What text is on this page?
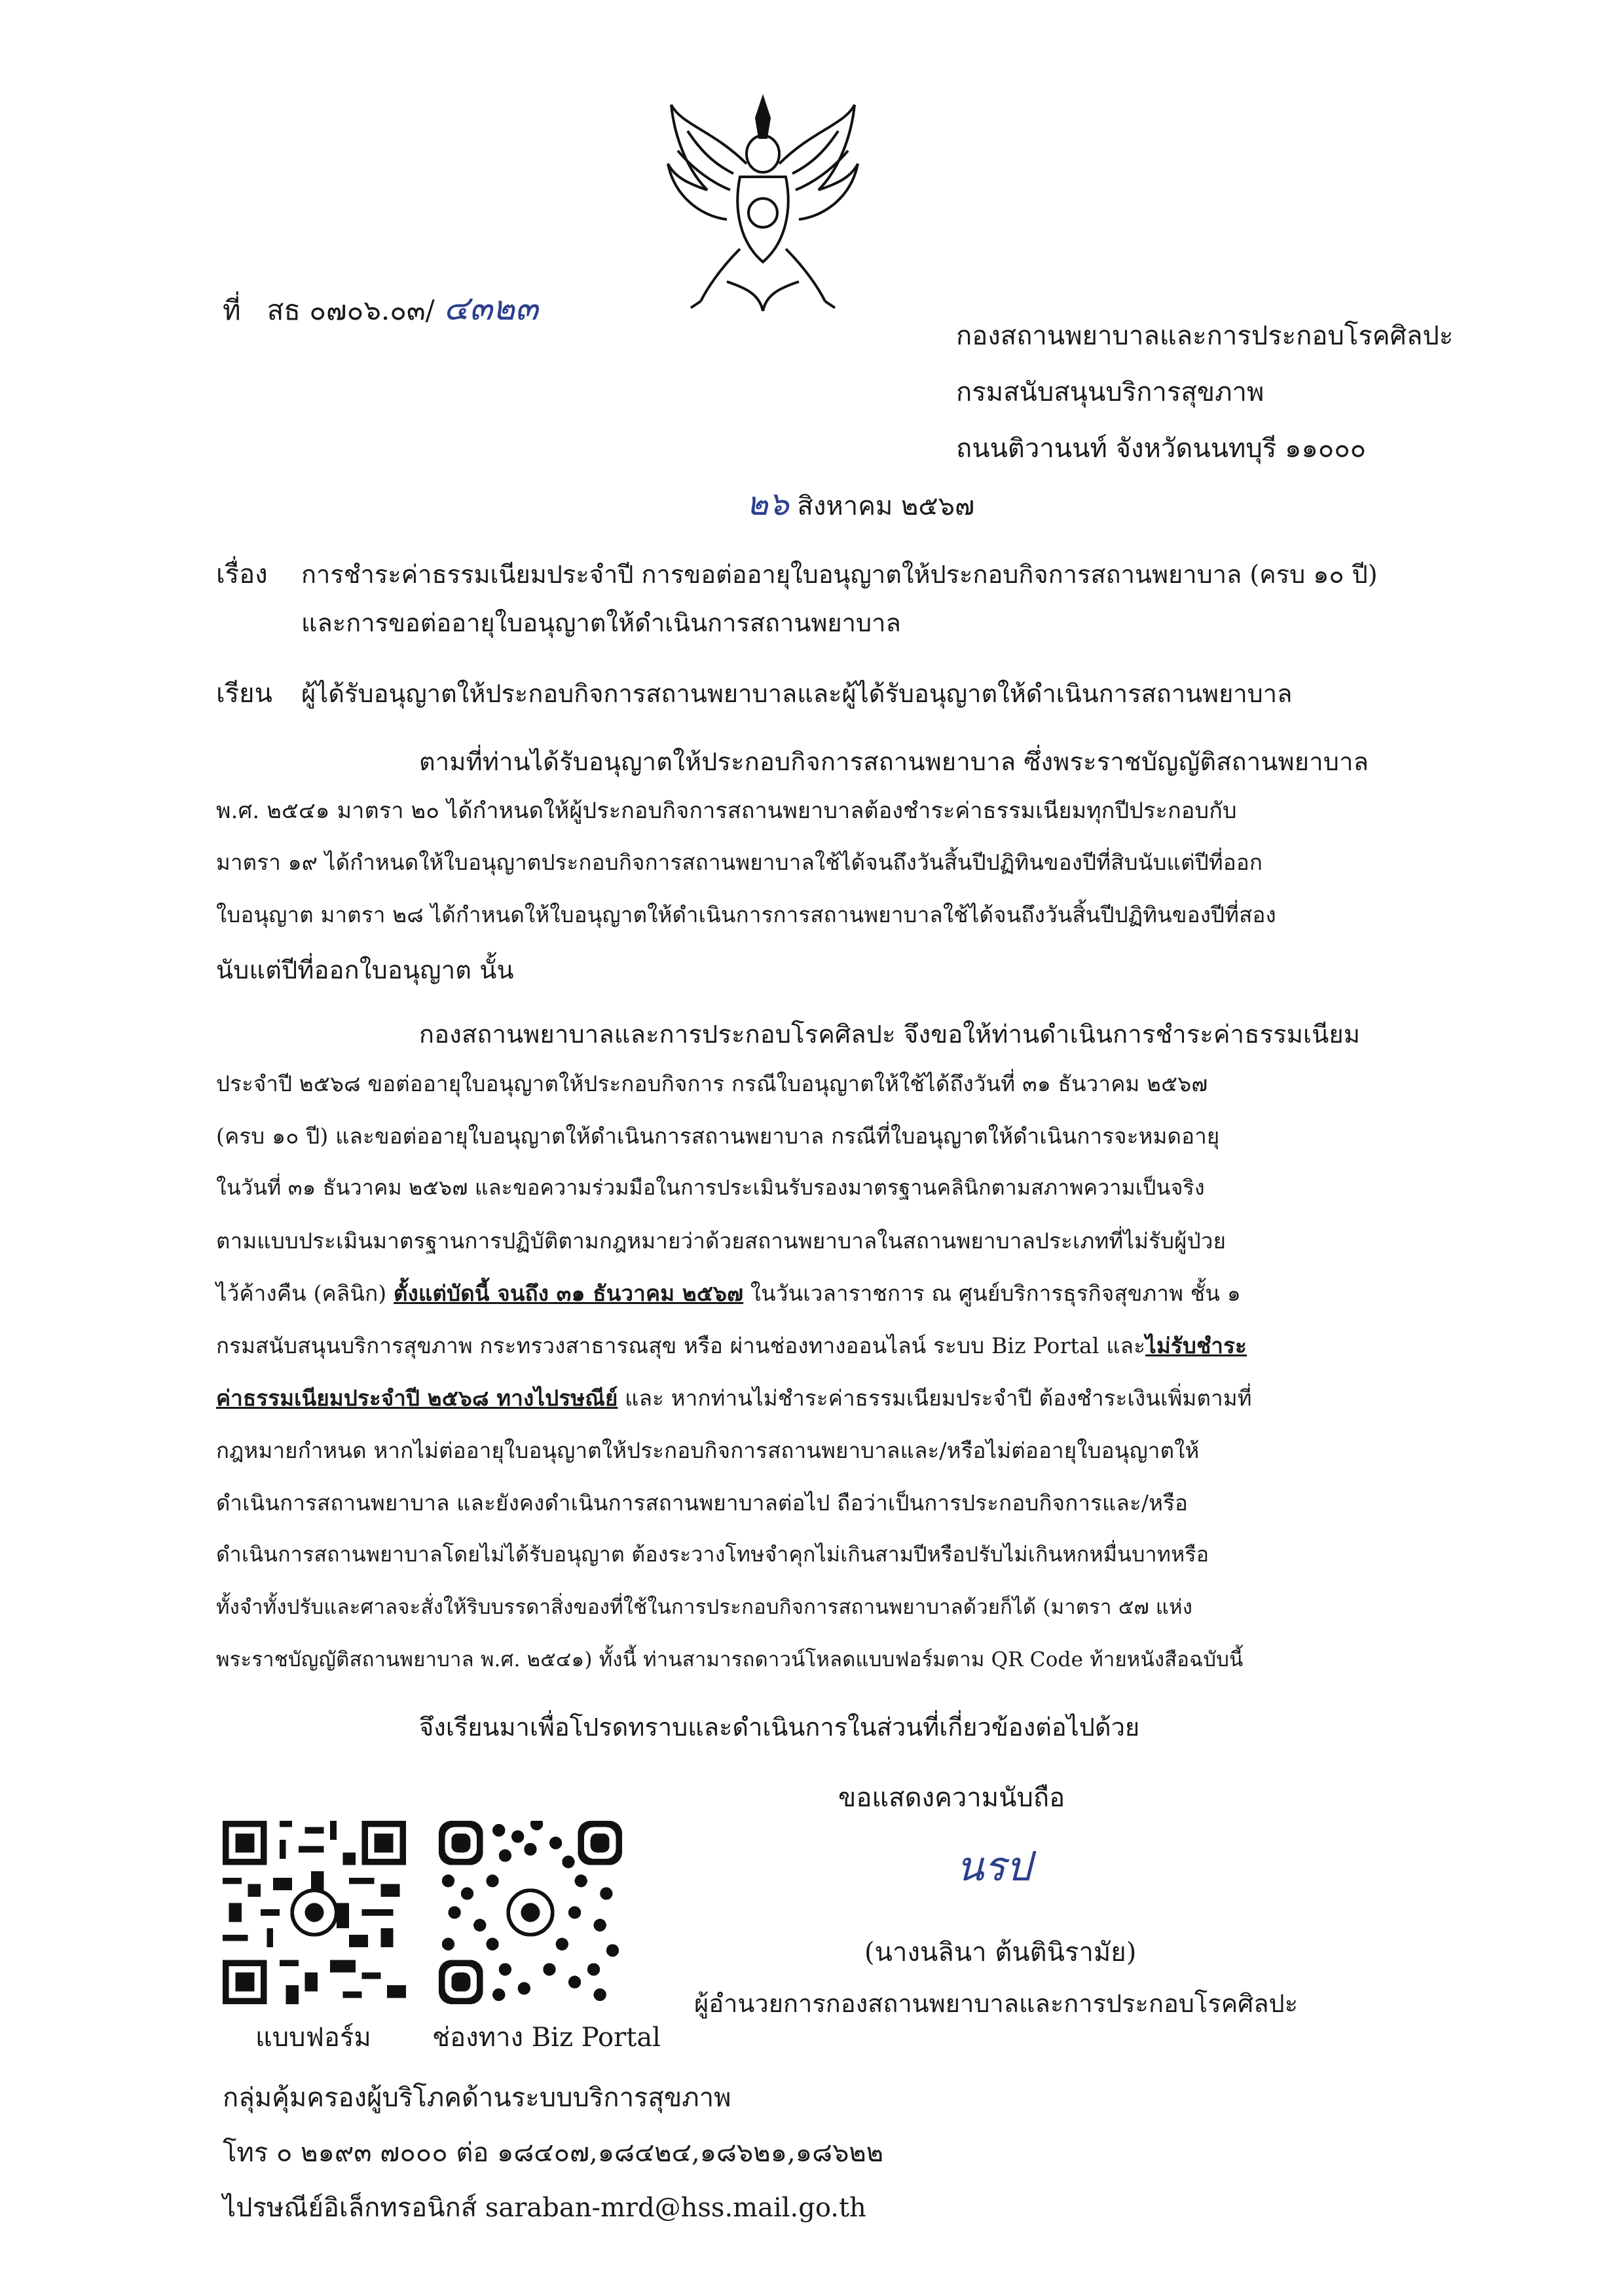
ที่ สธ ๐๗๐๖.๐๓/ ๔๓๒๓
กองสถานพยาบาลและการประกอบโรคศิลปะ
กรมสนับสนุนบริการสุขภาพ
ถนนติวานนท์ จังหวัดนนทบุรี ๑๑๐๐๐
๒๖ สิงหาคม ๒๕๖๗
เรื่อง การชำระค่าธรรมเนียมประจำปี การขอต่ออายุใบอนุญาตให้ประกอบกิจการสถานพยาบาล (ครบ ๑๐ ปี)
และการขอต่ออายุใบอนุญาตให้ดำเนินการสถานพยาบาล
เรียน ผู้ได้รับอนุญาตให้ประกอบกิจการสถานพยาบาลและผู้ได้รับอนุญาตให้ดำเนินการสถานพยาบาล
ตามที่ท่านได้รับอนุญาตให้ประกอบกิจการสถานพยาบาล ซึ่งพระราชบัญญัติสถานพยาบาล
พ.ศ. ๒๕๔๑ มาตรา ๒๐ ได้กำหนดให้ผู้ประกอบกิจการสถานพยาบาลต้องชำระค่าธรรมเนียมทุกปีประกอบกับ
มาตรา ๑๙ ได้กำหนดให้ใบอนุญาตประกอบกิจการสถานพยาบาลใช้ได้จนถึงวันสิ้นปีปฏิทินของปีที่สิบนับแต่ปีที่ออก
ใบอนุญาต มาตรา ๒๘ ได้กำหนดให้ใบอนุญาตให้ดำเนินการการสถานพยาบาลใช้ได้จนถึงวันสิ้นปีปฏิทินของปีที่สอง
นับแต่ปีที่ออกใบอนุญาต นั้น
กองสถานพยาบาลและการประกอบโรคศิลปะ จึงขอให้ท่านดำเนินการชำระค่าธรรมเนียม
ประจำปี ๒๕๖๘ ขอต่ออายุใบอนุญาตให้ประกอบกิจการ กรณีใบอนุญาตให้ใช้ได้ถึงวันที่ ๓๑ ธันวาคม ๒๕๖๗
(ครบ ๑๐ ปี) และขอต่ออายุใบอนุญาตให้ดำเนินการสถานพยาบาล กรณีที่ใบอนุญาตให้ดำเนินการจะหมดอายุ
ในวันที่ ๓๑ ธันวาคม ๒๕๖๗ และขอความร่วมมือในการประเมินรับรองมาตรฐานคลินิกตามสภาพความเป็นจริง
ตามแบบประเมินมาตรฐานการปฏิบัติตามกฎหมายว่าด้วยสถานพยาบาลในสถานพยาบาลประเภทที่ไม่รับผู้ป่วย
ไว้ค้างคืน (คลินิก) ตั้งแต่บัดนี้ จนถึง ๓๑ ธันวาคม ๒๕๖๗ ในวันเวลาราชการ ณ ศูนย์บริการธุรกิจสุขภาพ ชั้น ๑
กรมสนับสนุนบริการสุขภาพ กระทรวงสาธารณสุข หรือ ผ่านช่องทางออนไลน์ ระบบ Biz Portal และไม่รับชำระ
ค่าธรรมเนียมประจำปี ๒๕๖๘ ทางไปรษณีย์ และ หากท่านไม่ชำระค่าธรรมเนียมประจำปี ต้องชำระเงินเพิ่มตามที่
กฎหมายกำหนด หากไม่ต่ออายุใบอนุญาตให้ประกอบกิจการสถานพยาบาลและ/หรือไม่ต่ออายุใบอนุญาตให้
ดำเนินการสถานพยาบาล และยังคงดำเนินการสถานพยาบาลต่อไป ถือว่าเป็นการประกอบกิจการและ/หรือ
ดำเนินการสถานพยาบาลโดยไม่ได้รับอนุญาต ต้องระวางโทษจำคุกไม่เกินสามปีหรือปรับไม่เกินหกหมื่นบาทหรือ
ทั้งจำทั้งปรับและศาลจะสั่งให้ริบบรรดาสิ่งของที่ใช้ในการประกอบกิจการสถานพยาบาลด้วยก็ได้ (มาตรา ๕๗ แห่ง
พระราชบัญญัติสถานพยาบาล พ.ศ. ๒๕๔๑) ทั้งนี้ ท่านสามารถดาวน์โหลดแบบฟอร์มตาม QR Code ท้ายหนังสือฉบับนี้
จึงเรียนมาเพื่อโปรดทราบและดำเนินการในส่วนที่เกี่ยวข้องต่อไปด้วย
ขอแสดงความนับถือ
นรป
(นางนลินา ต้นตินิรามัย)
ผู้อำนวยการกองสถานพยาบาลและการประกอบโรคศิลปะ
แบบฟอร์ม ช่องทาง Biz Portal
กลุ่มคุ้มครองผู้บริโภคด้านระบบบริการสุขภาพ
โทร ๐ ๒๑๙๓ ๗๐๐๐ ต่อ ๑๘๔๐๗,๑๘๔๒๔,๑๘๖๒๑,๑๘๖๒๒
ไปรษณีย์อิเล็กทรอนิกส์ saraban-mrd@hss.mail.go.th
